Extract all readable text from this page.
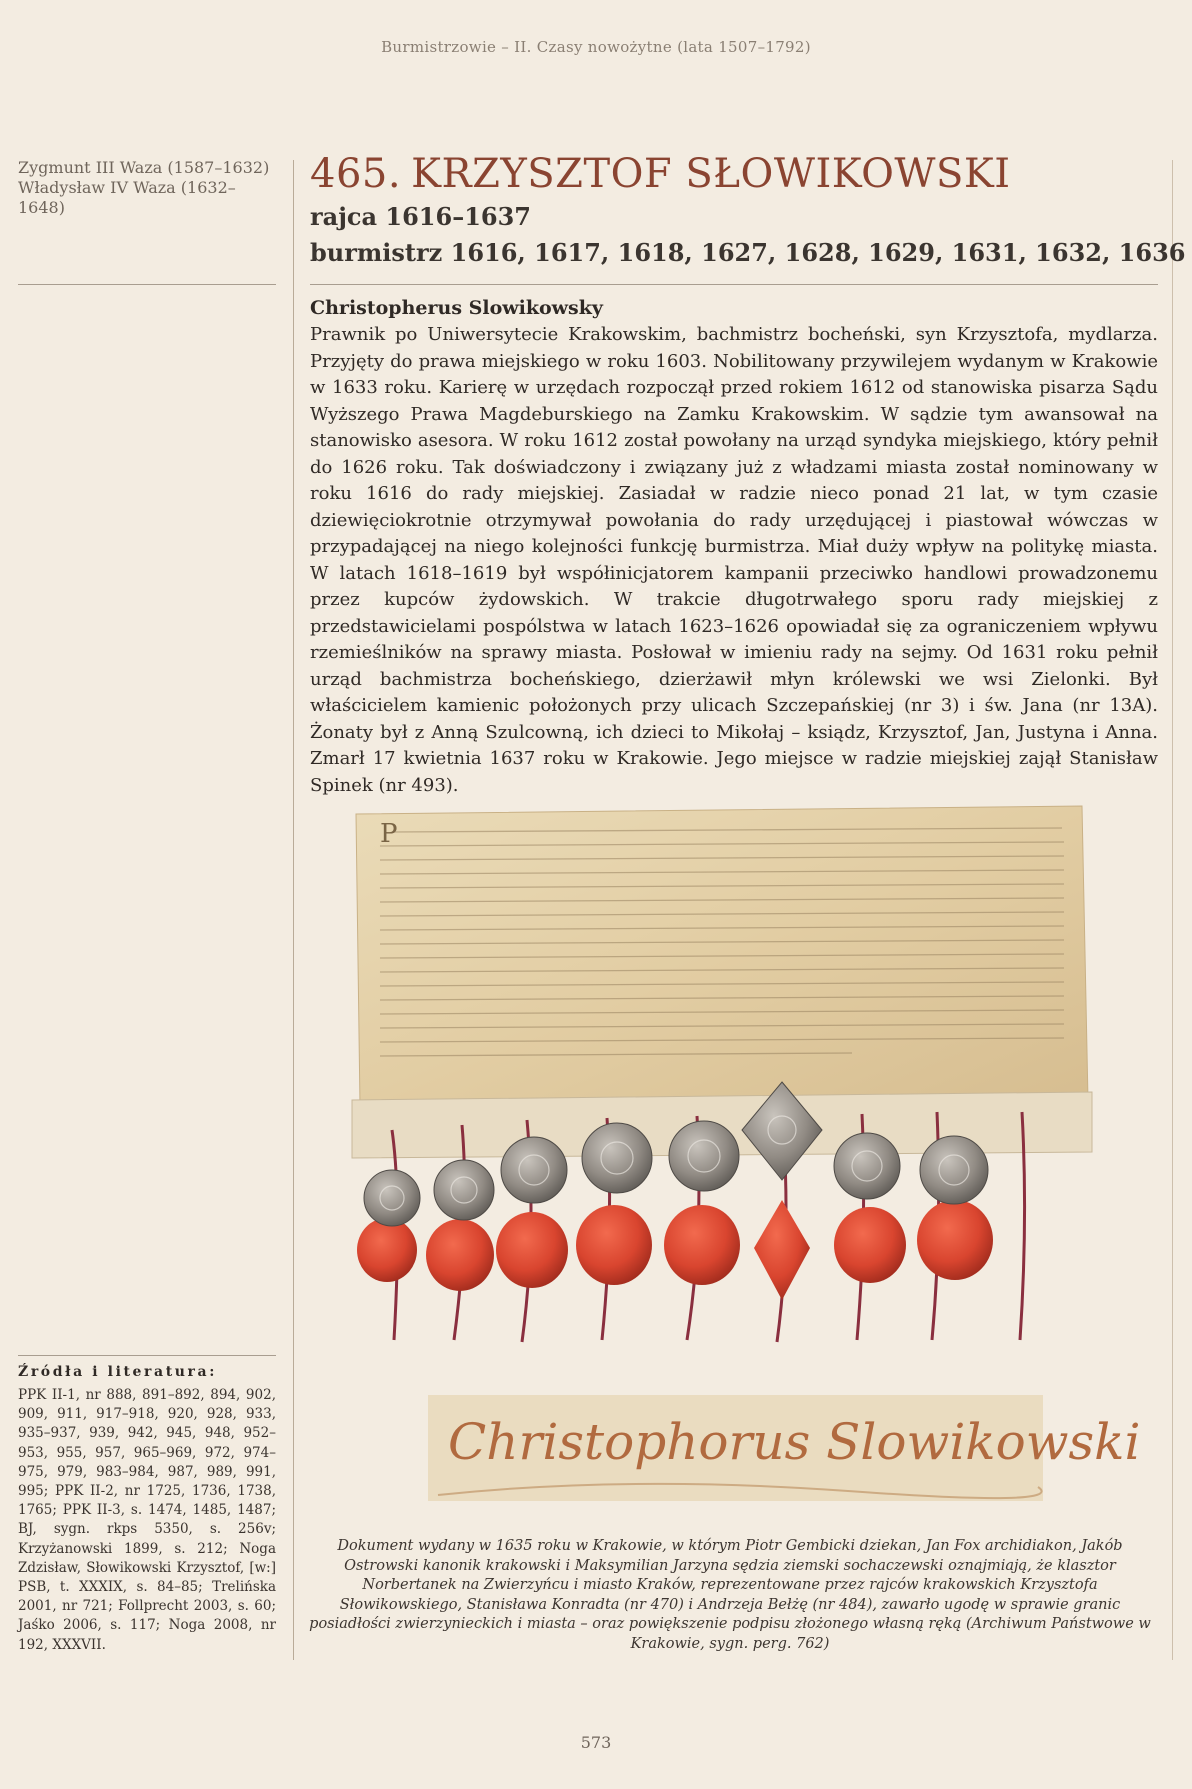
Burmistrzowie – II. Czasy nowożytne (lata 1507–1792)
Zygmunt III Waza (1587–1632)
Władysław IV Waza (1632–1648)
465. KRZYSZTOF SŁOWIKOWSKI
rajca 1616–1637
burmistrz 1616, 1617, 1618, 1627, 1628, 1629, 1631, 1632, 1636
Christopherus Slowikowsky

Prawnik po Uniwersytecie Krakowskim, bachmistrz bocheński, syn Krzysztofa, mydlarza. Przyjęty do prawa miejskiego w roku 1603. Nobilitowany przywilejem wydanym w Krakowie w 1633 roku. Karierę w urzędach rozpoczął przed rokiem 1612 od stanowiska pisarza Sądu Wyższego Prawa Magdeburskiego na Zamku Krakowskim. W sądzie tym awansował na stanowisko asesora. W roku 1612 został powołany na urząd syndyka miejskiego, który pełnił do 1626 roku. Tak doświadczony i związany już z władzami miasta został nominowany w roku 1616 do rady miejskiej. Zasiadał w radzie nieco ponad 21 lat, w tym czasie dziewięciokrotnie otrzymywał powołania do rady urzędującej i piastował wówczas w przypadającej na niego kolejności funkcję burmistrza. Miał duży wpływ na politykę miasta. W latach 1618–1619 był współinicjatorem kampanii przeciwko handlowi prowadzonemu przez kupców żydowskich. W trakcie długotrwałego sporu rady miejskiej z przedstawicielami pospólstwa w latach 1623–1626 opowiadał się za ograniczeniem wpływu rzemieślników na sprawy miasta. Posłował w imieniu rady na sejmy. Od 1631 roku pełnił urząd bachmistrza bocheńskiego, dzierżawił młyn królewski we wsi Zielonki. Był właścicielem kamienic położonych przy ulicach Szczepańskiej (nr 3) i św. Jana (nr 13A). Żonaty był z Anną Szulcowną, ich dzieci to Mikołaj – ksiądz, Krzysztof, Jan, Justyna i Anna. Zmarł 17 kwietnia 1637 roku w Krakowie. Jego miejsce w radzie miejskiej zajął Stanisław Spinek (nr 493).

P
Christophorus Slowikowski

Dokument wydany w 1635 roku w Krakowie, w którym Piotr Gembicki dziekan, Jan Fox archidiakon, Jakób Ostrowski kanonik krakowski i Maksymilian Jarzyna sędzia ziemski sochaczewski oznajmiają, że klasztor Norbertanek na Zwierzyńcu i miasto Kraków, reprezentowane przez rajców krakowskich Krzysztofa Słowikowskiego, Stanisława Konradta (nr 470) i Andrzeja Bełżę (nr 484), zawarło ugodę w sprawie granic posiadłości zwierzynieckich i miasta – oraz powiększenie podpisu złożonego własną ręką (Archiwum Państwowe w Krakowie, sygn. perg. 762)

Źródła i literatura:

PPK II-1, nr 888, 891–892, 894, 902, 909, 911, 917–918, 920, 928, 933, 935–937, 939, 942, 945, 948, 952–953, 955, 957, 965–969, 972, 974–975, 979, 983–984, 987, 989, 991, 995; PPK II-2, nr 1725, 1736, 1738, 1765; PPK II-3, s. 1474, 1485, 1487; BJ, sygn. rkps 5350, s. 256v; Krzyżanowski 1899, s. 212; Noga Zdzisław, Słowikowski Krzysztof, [w:] PSB, t. XXXIX, s. 84–85; Trelińska 2001, nr 721; Follprecht 2003, s. 60; Jaśko 2006, s. 117; Noga 2008, nr 192, XXXVII.

573
